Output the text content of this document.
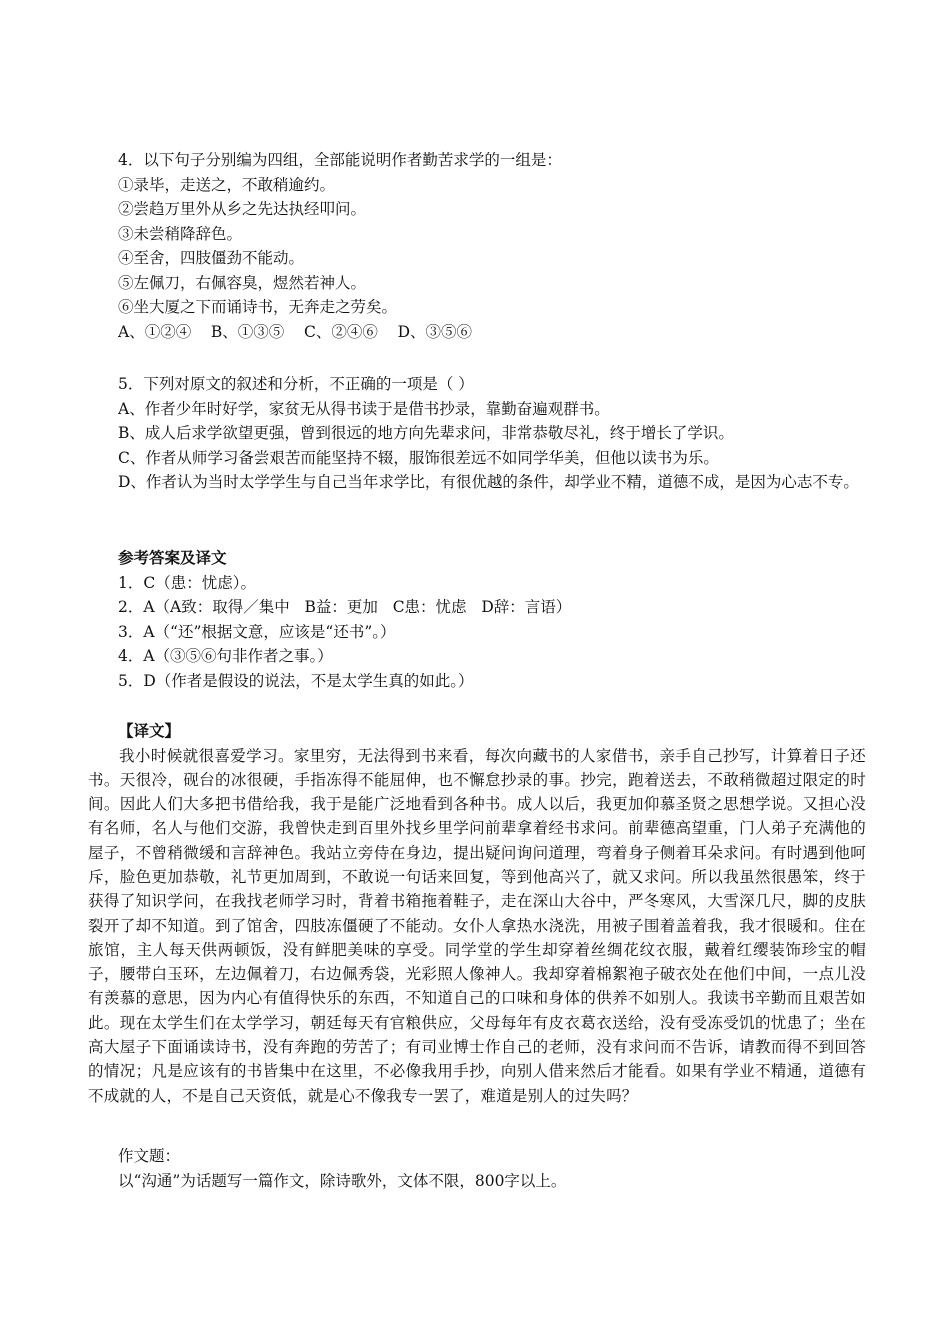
4．以下句子分别编为四组，全部能说明作者勤苦求学的一组是：
①录毕，走送之，不敢稍逾约。
②尝趋万里外从乡之先达执经叩问。
③未尝稍降辞色。
④至舍，四肢僵劲不能动。
⑤左佩刀，右佩容臭，煜然若神人。
⑥坐大厦之下而诵诗书，无奔走之劳矣。
A、①②④    B、①③⑤    C、②④⑥    D、③⑤⑥
5．下列对原文的叙述和分析，不正确的一项是（ ）
A、作者少年时好学，家贫无从得书读于是借书抄录，靠勤奋遍观群书。
B、成人后求学欲望更强，曾到很远的地方向先辈求问，非常恭敬尽礼，终于增长了学识。
C、作者从师学习备尝艰苦而能坚持不辍，服饰很差远不如同学华美，但他以读书为乐。

D、作者认为当时太学学生与自己当年求学比，有很优越的条件，却学业不精，道德不成，是因为心志不专。

参考答案及译文
1．C（患：忧虑）。
2．A（A致：取得／集中   B益：更加   C患：忧虑   D辞：言语）
3．A（“还”根据文意，应该是“还书”。）
4．A（③⑤⑥句非作者之事。）
5．D（作者是假设的说法，不是太学生真的如此。）
【译文】

我小时候就很喜爱学习。家里穷，无法得到书来看，每次向藏书的人家借书，亲手自己抄写，计算着日子还书。天很冷，砚台的冰很硬，手指冻得不能屈伸，也不懈怠抄录的事。抄完，跑着送去，不敢稍微超过限定的时间。因此人们大多把书借给我，我于是能广泛地看到各种书。成人以后，我更加仰慕圣贤之思想学说。又担心没有名师，名人与他们交游，我曾快走到百里外找乡里学问前辈拿着经书求问。前辈德高望重，门人弟子充满他的屋子，不曾稍微缓和言辞神色。我站立旁侍在身边，提出疑问询问道理，弯着身子侧着耳朵求问。有时遇到他呵斥，脸色更加恭敬，礼节更加周到，不敢说一句话来回复，等到他高兴了，就又求问。所以我虽然很愚笨，终于获得了知识学问，在我找老师学习时，背着书箱拖着鞋子，走在深山大谷中，严冬寒风，大雪深几尺，脚的皮肤裂开了却不知道。到了馆舍，四肢冻僵硬了不能动。女仆人拿热水浇洗，用被子围着盖着我，我才很暖和。住在旅馆，主人每天供两顿饭，没有鲜肥美味的享受。同学堂的学生却穿着丝绸花纹衣服，戴着红缨装饰珍宝的帽子，腰带白玉环，左边佩着刀，右边佩秀袋，光彩照人像神人。我却穿着棉絮袍子破衣处在他们中间，一点儿没有羡慕的意思，因为内心有值得快乐的东西，不知道自己的口味和身体的供养不如别人。我读书辛勤而且艰苦如此。现在太学生们在太学学习，朝廷每天有官粮供应，父母每年有皮衣葛衣送给，没有受冻受饥的忧患了；坐在高大屋子下面诵读诗书，没有奔跑的劳苦了；有司业博士作自己的老师，没有求问而不告诉，请教而得不到回答的情况；凡是应该有的书皆集中在这里，不必像我用手抄，向别人借来然后才能看。如果有学业不精通，道德有不成就的人，不是自己天资低，就是心不像我专一罢了，难道是别人的过失吗？

作文题：
以“沟通”为话题写一篇作文，除诗歌外，文体不限，800字以上。
